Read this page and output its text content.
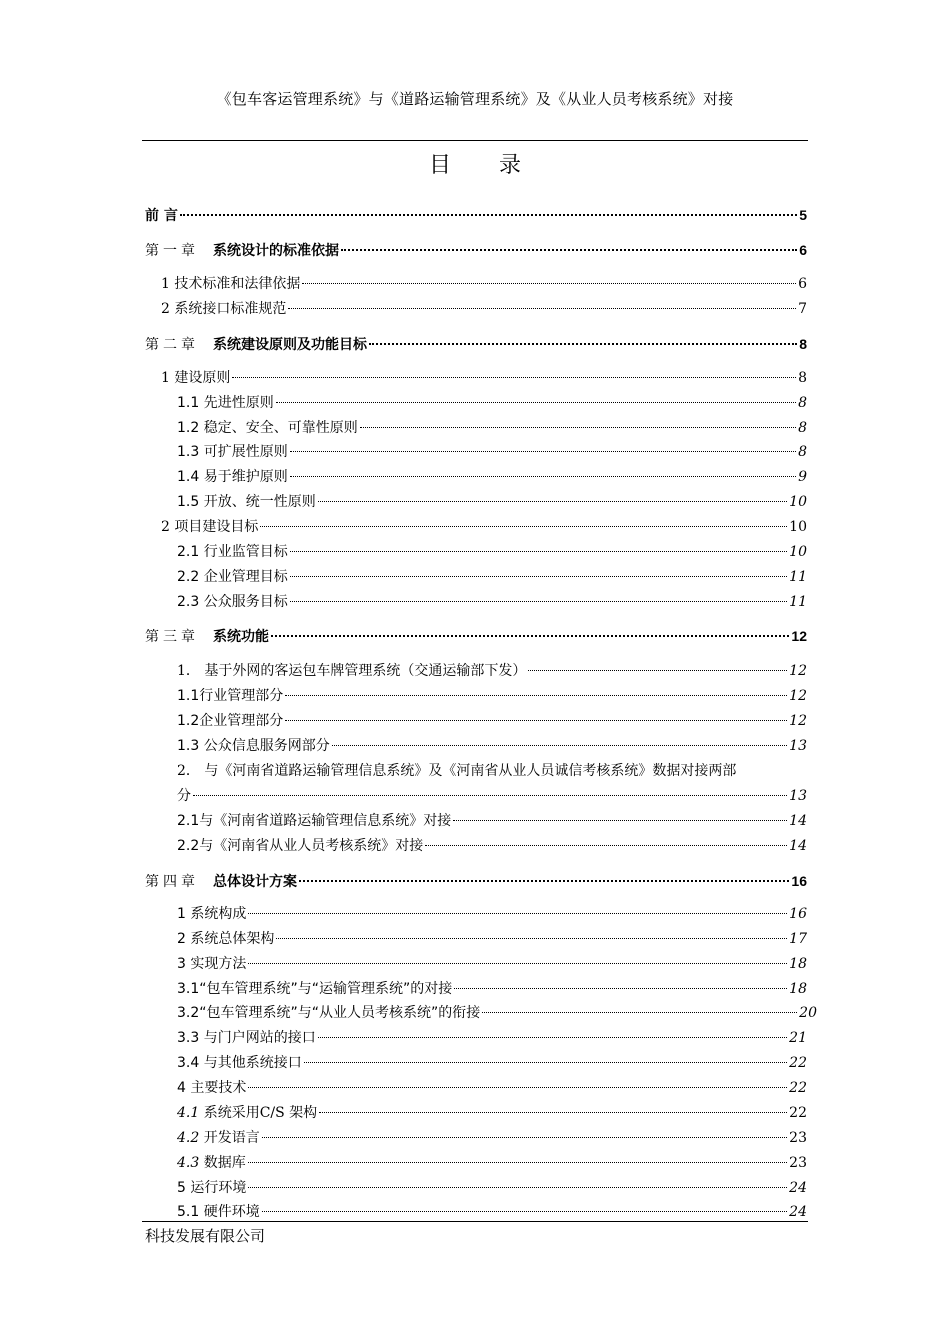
《包车客运管理系统》与《道路运输管理系统》及《从业人员考核系统》对接
目录
前 言	5
第一章 系统设计的标准依据	6
1 技术标准和法律依据	6
2 系统接口标准规范	7
第二章 系统建设原则及功能目标	8
1 建设原则	8
1.1 先进性原则	8
1.2 稳定、安全、可靠性原则	8
1.3 可扩展性原则	8
1.4 易于维护原则	9
1.5 开放、统一性原则	10
2 项目建设目标	10
2.1 行业监管目标	10
2.2 企业管理目标	11
2.3 公众服务目标	11
第三章 系统功能	12
1． 基于外网的客运包车牌管理系统（交通运输部下发）	12
1.1行业管理部分	12
1.2企业管理部分	12
1.3 公众信息服务网部分	13
2． 与《河南省道路运输管理信息系统》及《河南省从业人员诚信考核系统》数据对接两部
分	13
2.1与《河南省道路运输管理信息系统》对接	14
2.2与《河南省从业人员考核系统》对接	14
第四章 总体设计方案	16
1 系统构成	16
2 系统总体架构	17
3 实现方法	18
3.1“包车管理系统”与“运输管理系统”的对接	18
3.2“包车管理系统”与“从业人员考核系统”的衔接	20
3.3 与门户网站的接口	21
3.4 与其他系统接口	22
4 主要技术	22
4.1 系统采用C/S 架构	22
4.2 开发语言	23
4.3 数据库	23
5 运行环境	24
5.1 硬件环境	24
科技发展有限公司
